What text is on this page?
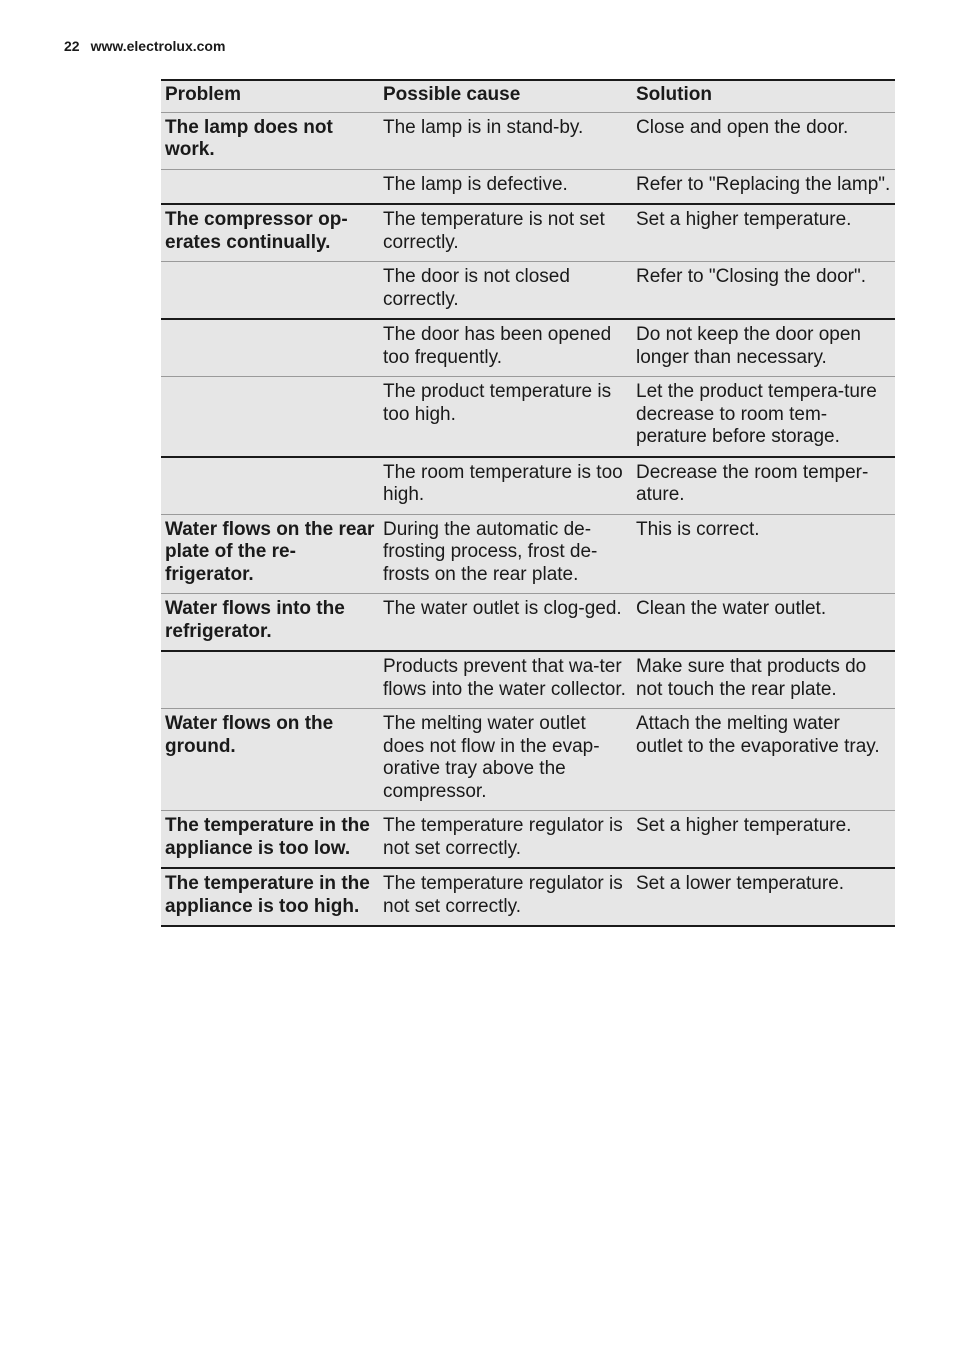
22 www.electrolux.com
Problem	Possible cause	Solution
The lamp does not work.	The lamp is in stand-by.	Close and open the door.
	The lamp is defective.	Refer to "Replacing the lamp".
The compressor op-erates continually.	The temperature is not set correctly.	Set a higher temperature.
	The door is not closed correctly.	Refer to "Closing the door".
	The door has been opened too frequently.	Do not keep the door open longer than necessary.
	The product temperature is too high.	Let the product tempera-ture decrease to room tem-perature before storage.
	The room temperature is too high.	Decrease the room temper-ature.
Water flows on the rear plate of the re-frigerator.	During the automatic de-frosting process, frost de-frosts on the rear plate.	This is correct.
Water flows into the refrigerator.	The water outlet is clog-ged.	Clean the water outlet.
	Products prevent that wa-ter flows into the water collector.	Make sure that products do not touch the rear plate.
Water flows on the ground.	The melting water outlet does not flow in the evap-orative tray above the compressor.	Attach the melting water outlet to the evaporative tray.
The temperature in the appliance is too low.	The temperature regulator is not set correctly.	Set a higher temperature.
The temperature in the appliance is too high.	The temperature regulator is not set correctly.	Set a lower temperature.
